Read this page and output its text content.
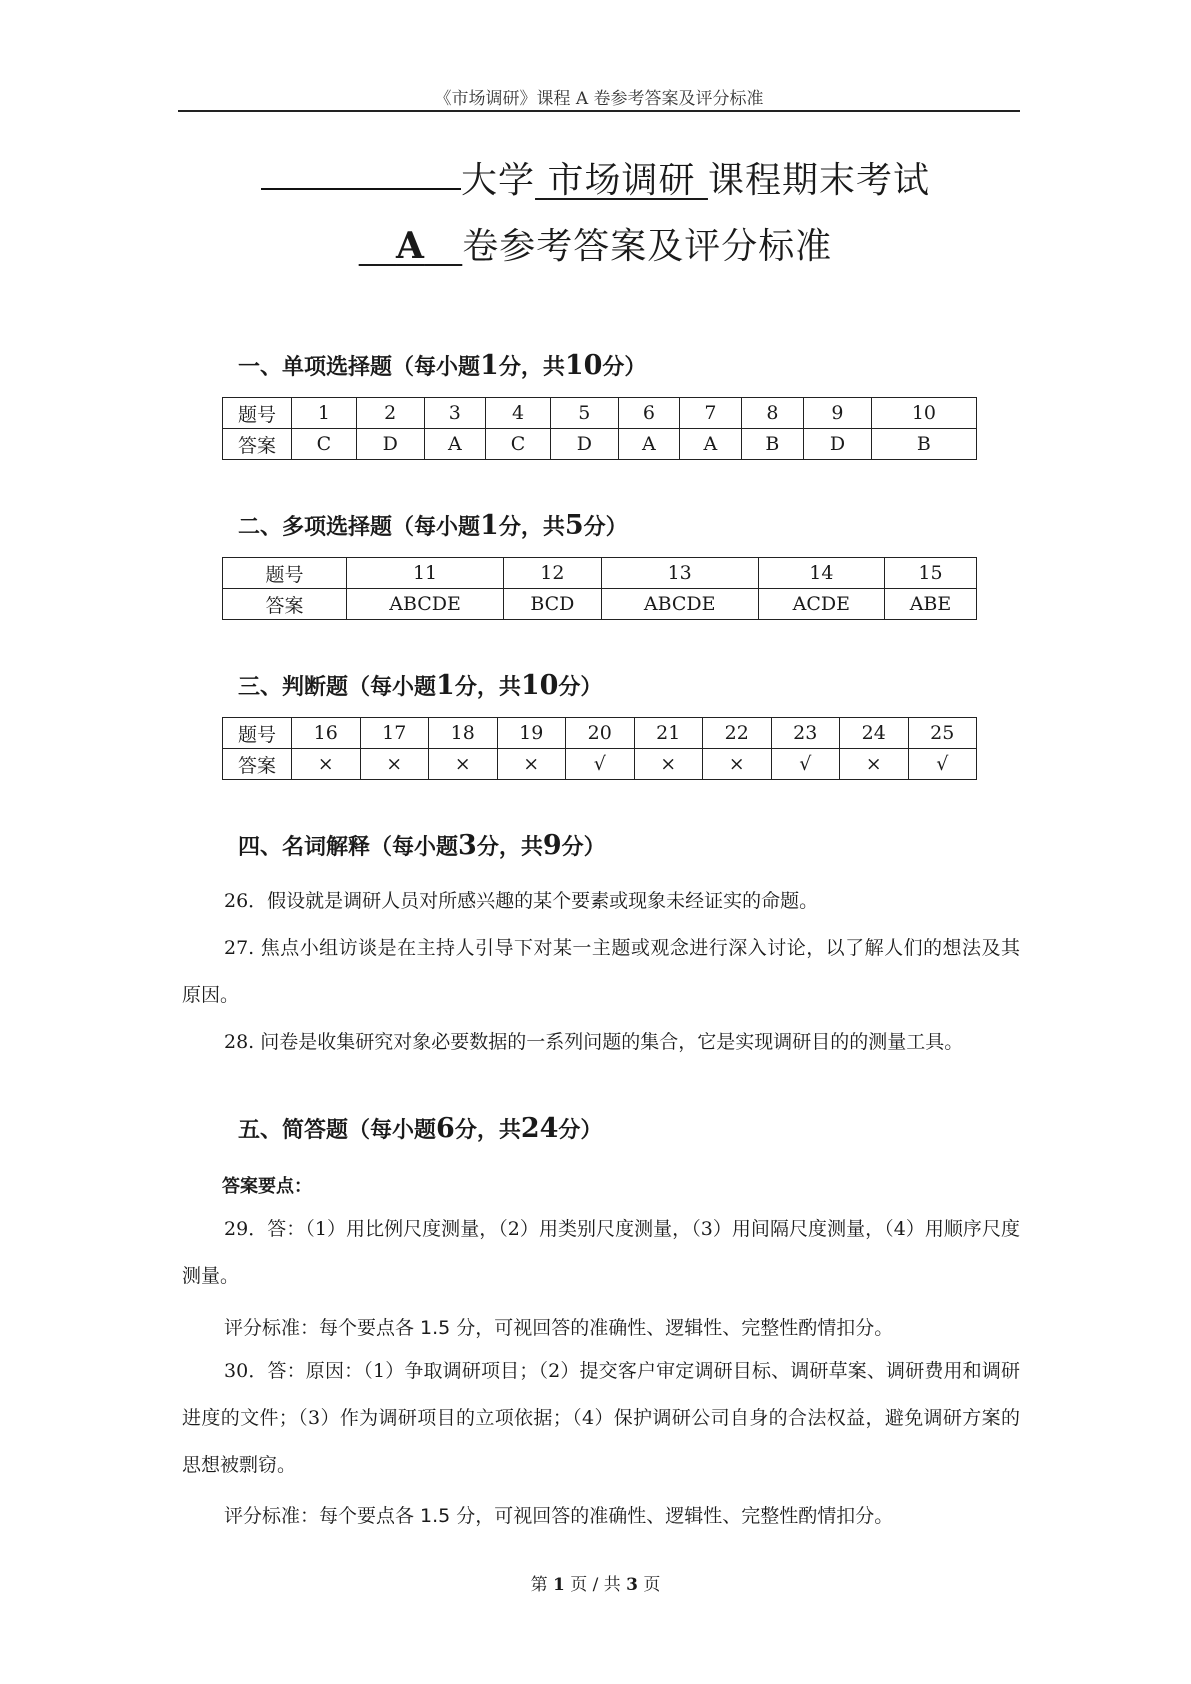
《市场调研》课程 A 卷参考答案及评分标准
大学 市场调研 课程期末考试
A 卷参考答案及评分标准
一、单项选择题（每小题1分，共10分）
题号	1	2	3	4	5	6	7	8	9	10
答案	C	D	A	C	D	A	A	B	D	B
二、多项选择题（每小题1分，共5分）
题号	11	12	13	14	15
答案	ABCDE	BCD	ABCDE	ACDE	ABE
三、判断题（每小题1分，共10分）
题号	16	17	18	19	20	21	22	23	24	25
答案	×	×	×	×	√	×	×	√	×	√
四、名词解释（每小题3分，共9分）
26．假设就是调研人员对所感兴趣的某个要素或现象未经证实的命题。
27. 焦点小组访谈是在主持人引导下对某一主题或观念进行深入讨论，以了解人们的想法及其原因。
28. 问卷是收集研究对象必要数据的一系列问题的集合，它是实现调研目的的测量工具。
五、简答题（每小题6分，共24分）
答案要点：
29．答：（1）用比例尺度测量，（2）用类别尺度测量，（3）用间隔尺度测量，（4）用顺序尺度测量。
评分标准：每个要点各 1.5 分，可视回答的准确性、逻辑性、完整性酌情扣分。
30．答：原因：（1）争取调研项目；（2）提交客户审定调研目标、调研草案、调研费用和调研进度的文件；（3）作为调研项目的立项依据；（4）保护调研公司自身的合法权益，避免调研方案的思想被剽窃。
评分标准：每个要点各 1.5 分，可视回答的准确性、逻辑性、完整性酌情扣分。
第 1 页 / 共 3 页
